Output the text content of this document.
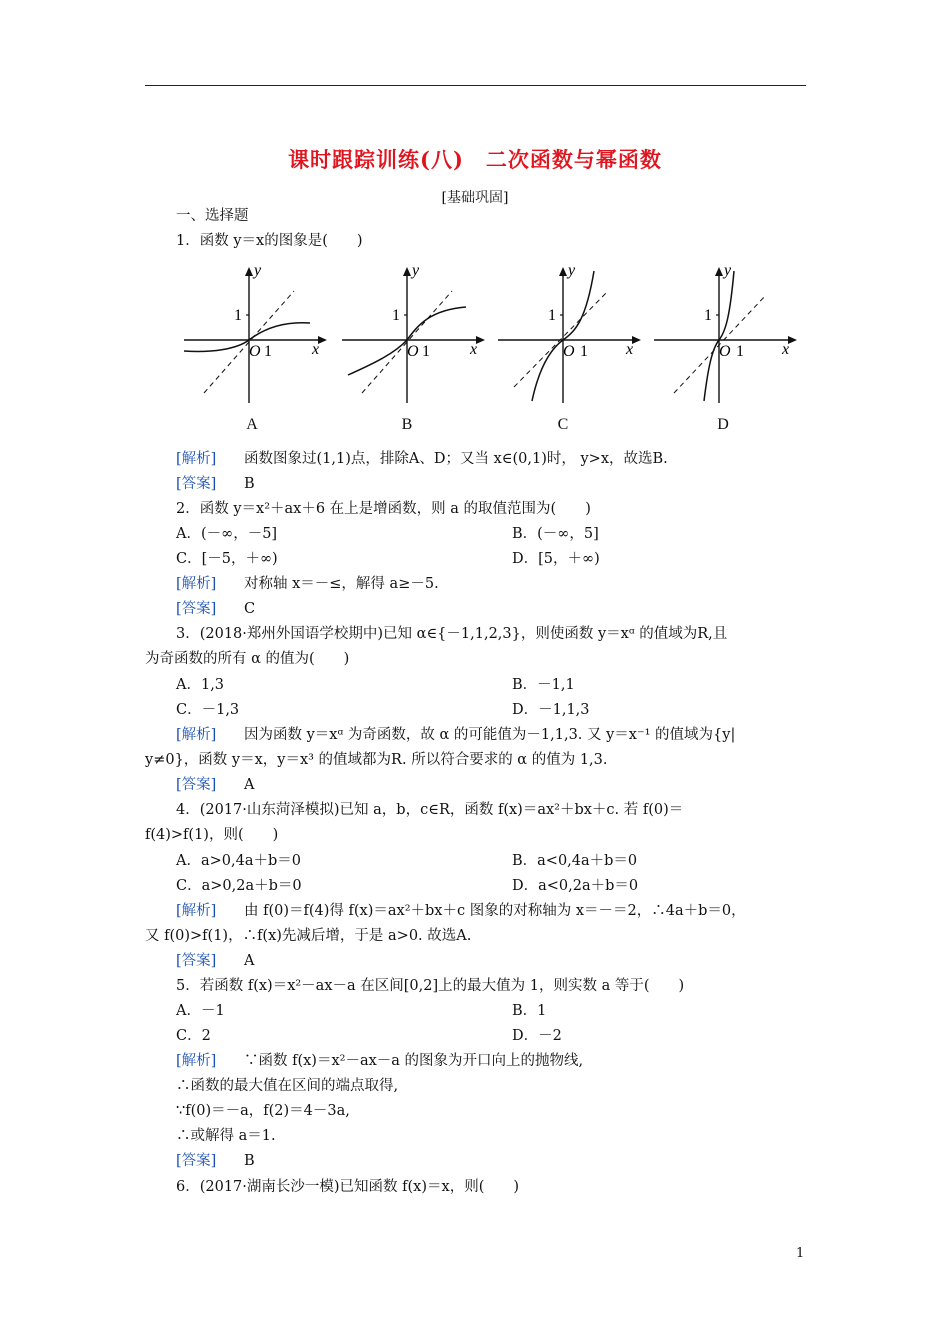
课时跟踪训练(八)　二次函数与幂函数
[基础巩固]
一、选择题
1．函数 y＝x的图象是(　　)
y
x
O 1
1
y
x
O 1
1
y
x
O 1
1
y
x
O 1
1
A	B	C	D
[解析] 函数图象过(1,1)点，排除A、D；又当 x∈(0,1)时， y>x，故选B.
[答案] B
2．函数 y＝x²＋ax＋6 在上是增函数，则 a 的取值范围为(　　)
A．(－∞，－5]	B．(－∞，5]
C．[－5，＋∞)	D．[5，＋∞)
[解析] 对称轴 x＝－≤，解得 a≥－5.
[答案] C
3．(2018·郑州外国语学校期中)已知 α∈{－1,1,2,3}，则使函数 y＝xᵅ 的值域为R,且
为奇函数的所有 α 的值为(　　)
A．1,3	B．－1,1
C．－1,3	D．－1,1,3
[解析] 因为函数 y＝xᵅ 为奇函数，故 α 的可能值为－1,1,3. 又 y＝x⁻¹ 的值域为{y|
y≠0}，函数 y＝x，y＝x³ 的值域都为R. 所以符合要求的 α 的值为 1,3.
[答案] A
4．(2017·山东菏泽模拟)已知 a，b，c∈R，函数 f(x)＝ax²＋bx＋c. 若 f(0)＝
f(4)>f(1)，则(　　)
A．a>0,4a＋b＝0	B．a<0,4a＋b＝0
C．a>0,2a＋b＝0	D．a<0,2a＋b＝0
[解析] 由 f(0)＝f(4)得 f(x)＝ax²＋bx＋c 图象的对称轴为 x＝－＝2，∴4a＋b＝0，
又 f(0)>f(1)，∴f(x)先减后增，于是 a>0. 故选A.
[答案] A
5．若函数 f(x)＝x²－ax－a 在区间[0,2]上的最大值为 1，则实数 a 等于(　　)
A．－1	B．1
C．2	D．－2
[解析] ∵函数 f(x)＝x²－ax－a 的图象为开口向上的抛物线,
∴函数的最大值在区间的端点取得,
∵f(0)＝－a，f(2)＝4－3a,
∴或解得 a＝1.
[答案] B
6．(2017·湖南长沙一模)已知函数 f(x)＝x，则(　　)
1
